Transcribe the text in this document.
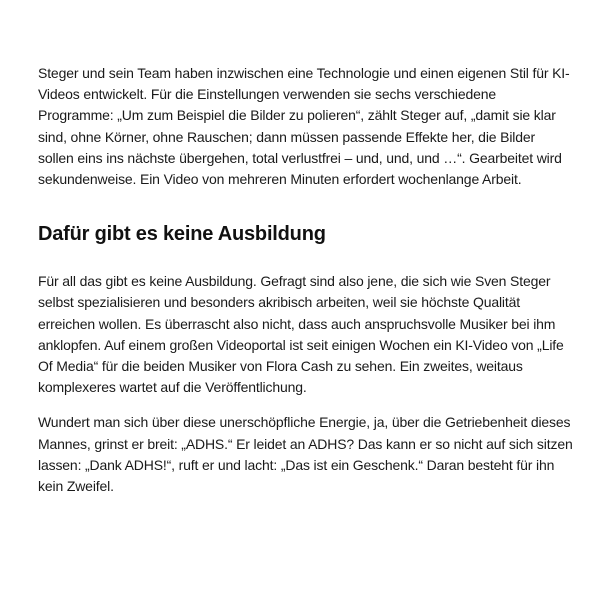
Steger und sein Team haben inzwischen eine Technologie und einen eigenen Stil für KI-Videos entwickelt. Für die Einstellungen verwenden sie sechs verschiedene Programme: „Um zum Beispiel die Bilder zu polieren“, zählt Steger auf, „damit sie klar sind, ohne Körner, ohne Rauschen; dann müssen passende Effekte her, die Bilder sollen eins ins nächste übergehen, total verlustfrei – und, und, und …“. Gearbeitet wird sekundenweise. Ein Video von mehreren Minuten erfordert wochenlange Arbeit.

Dafür gibt es keine Ausbildung

Für all das gibt es keine Ausbildung. Gefragt sind also jene, die sich wie Sven Steger selbst spezialisieren und besonders akribisch arbeiten, weil sie höchste Qualität erreichen wollen. Es überrascht also nicht, dass auch anspruchsvolle Musiker bei ihm anklopfen. Auf einem großen Videoportal ist seit einigen Wochen ein KI-Video von „Life Of Media“ für die beiden Musiker von Flora Cash zu sehen. Ein zweites, weitaus komplexeres wartet auf die Veröffentlichung.

Wundert man sich über diese unerschöpfliche Energie, ja, über die Getriebenheit dieses Mannes, grinst er breit: „ADHS.“ Er leidet an ADHS? Das kann er so nicht auf sich sitzen lassen: „Dank ADHS!“, ruft er und lacht: „Das ist ein Geschenk.“ Daran besteht für ihn kein Zweifel.
